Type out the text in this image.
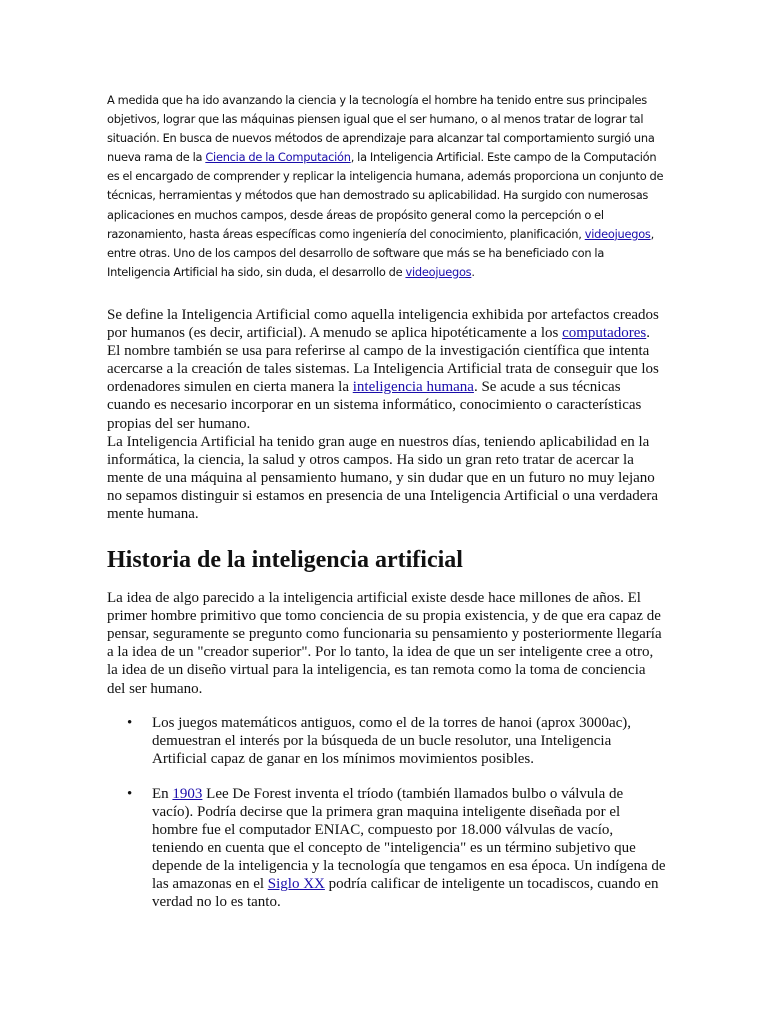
A medida que ha ido avanzando la ciencia y la tecnología el hombre ha tenido entre sus principales objetivos, lograr que las máquinas piensen igual que el ser humano, o al menos tratar de lograr tal situación. En busca de nuevos métodos de aprendizaje para alcanzar tal comportamiento surgió una nueva rama de la Ciencia de la Computación, la Inteligencia Artificial. Este campo de la Computación es el encargado de comprender y replicar la inteligencia humana, además proporciona un conjunto de técnicas, herramientas y métodos que han demostrado su aplicabilidad. Ha surgido con numerosas aplicaciones en muchos campos, desde áreas de propósito general como la percepción o el razonamiento, hasta áreas específicas como ingeniería del conocimiento, planificación, videojuegos, entre otras. Uno de los campos del desarrollo de software que más se ha beneficiado con la Inteligencia Artificial ha sido, sin duda, el desarrollo de videojuegos.

Se define la Inteligencia Artificial como aquella inteligencia exhibida por artefactos creados por humanos (es decir, artificial). A menudo se aplica hipotéticamente a los computadores. El nombre también se usa para referirse al campo de la investigación científica que intenta acercarse a la creación de tales sistemas. La Inteligencia Artificial trata de conseguir que los ordenadores simulen en cierta manera la inteligencia humana. Se acude a sus técnicas cuando es necesario incorporar en un sistema informático, conocimiento o características propias del ser humano.

La Inteligencia Artificial ha tenido gran auge en nuestros días, teniendo aplicabilidad en la informática, la ciencia, la salud y otros campos. Ha sido un gran reto tratar de acercar la mente de una máquina al pensamiento humano, y sin dudar que en un futuro no muy lejano no sepamos distinguir si estamos en presencia de una Inteligencia Artificial o una verdadera mente humana.

Historia de la inteligencia artificial

La idea de algo parecido a la inteligencia artificial existe desde hace millones de años. El primer hombre primitivo que tomo conciencia de su propia existencia, y de que era capaz de pensar, seguramente se pregunto como funcionaria su pensamiento y posteriormente llegaría a la idea de un "creador superior". Por lo tanto, la idea de que un ser inteligente cree a otro, la idea de un diseño virtual para la inteligencia, es tan remota como la toma de conciencia del ser humano.

• Los juegos matemáticos antiguos, como el de la torres de hanoi (aprox 3000ac), demuestran el interés por la búsqueda de un bucle resolutor, una Inteligencia Artificial capaz de ganar en los mínimos movimientos posibles.
• En 1903 Lee De Forest inventa el tríodo (también llamados bulbo o válvula de vacío). Podría decirse que la primera gran maquina inteligente diseñada por el hombre fue el computador ENIAC, compuesto por 18.000 válvulas de vacío, teniendo en cuenta que el concepto de "inteligencia" es un término subjetivo que depende de la inteligencia y la tecnología que tengamos en esa época. Un indígena de las amazonas en el Siglo XX podría calificar de inteligente un tocadiscos, cuando en verdad no lo es tanto.
